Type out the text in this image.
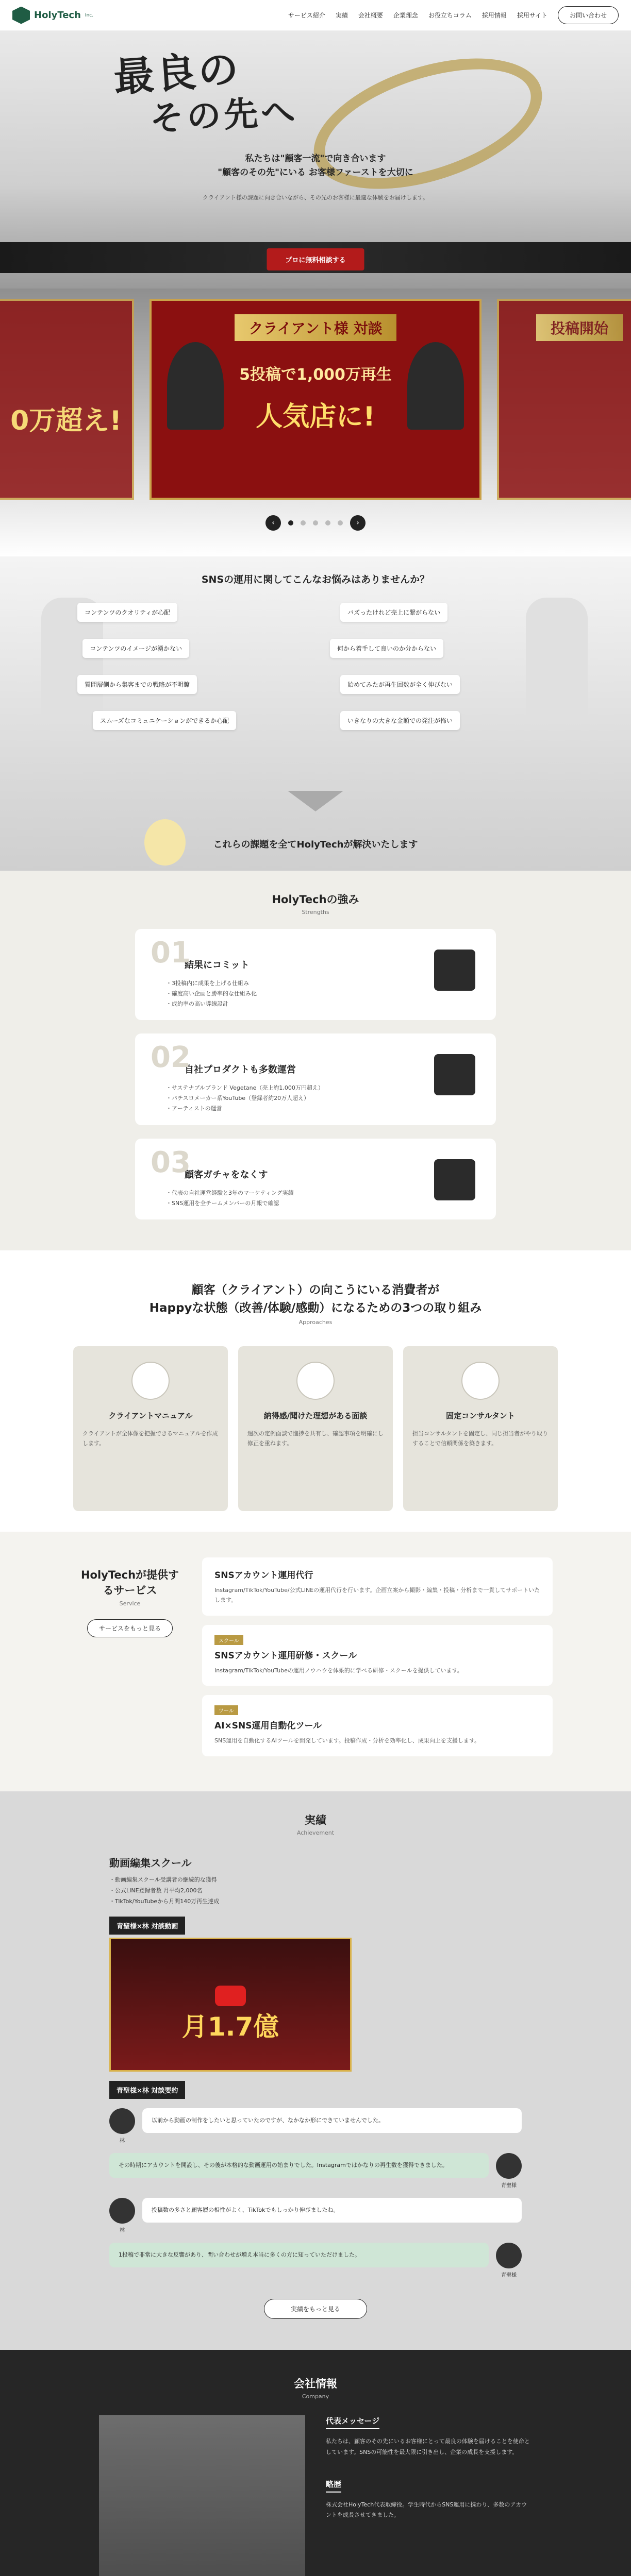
HolyTech Inc.	サービス紹介 実績 会社概要 企業理念 お役立ちコラム 採用情報 採用サイト	お問い合わせ
最良の
その先へ
私たちは"顧客一流"で向き合います
"顧客のその先"にいる お客様ファーストを大切に
クライアント様の課題に向き合いながら、その先のお客様に最適な体験をお届けします。
プロに無料相談する
0万超え!
クライアント様 対談
5投稿で1,000万再生
人気店に!
投稿開始
‹	›
SNSの運用に関してこんなお悩みはありませんか？
コンテンツのクオリティが心配
コンテンツのイメージが湧かない
質問層側から集客までの戦略が不明瞭
スムーズなコミュニケーションができるか心配
バズったけれど売上に繋がらない
何から着手して良いのか分からない
始めてみたが再生回数が全く伸びない
いきなりの大きな金額での発注が怖い
これらの課題を全てHolyTechが解決いたします
HolyTechの強み
Strengths
01
結果にコミット
・3投稿内に成果を上げる仕組み
・確度高い企画と勝率的な仕組み化
・成約率の高い導線設計
02
自社プロダクトも多数運営
・サステナブルブランド Vegetane（売上約1,000万円超え）
・パチスロメーカー系YouTube（登録者約20万人超え）
・アーティストの運営
03
顧客ガチャをなくす
・代表の自社運営経験と3年のマーケティング実績
・SNS運用を全チームメンバーの月報で確認
顧客（クライアント）の向こうにいる消費者が
Happyな状態（改善/体験/感動）になるための3つの取り組み
Approaches
クライアントマニュアル
クライアントが全体像を把握できるマニュアルを作成します。
納得感/聞けた理想がある面談
週次の定例面談で進捗を共有し、確認事項を明確にし修正を重ねます。
固定コンサルタント
担当コンサルタントを固定し、同じ担当者がやり取りすることで信頼関係を築きます。
HolyTechが提供するサービス
Service
サービスをもっと見る
SNSアカウント運用代行
Instagram/TikTok/YouTube/公式LINEの運用代行を行います。企画立案から撮影・編集・投稿・分析まで一貫してサポートいたします。
スクール
SNSアカウント運用研修・スクール
Instagram/TikTok/YouTubeの運用ノウハウを体系的に学べる研修・スクールを提供しています。
ツール
AI×SNS運用自動化ツール
SNS運用を自動化するAIツールを開発しています。投稿作成・分析を効率化し、成果向上を支援します。
実績
Achievement
動画編集スクール
・動画編集スクール受講者の継続的な獲得
・公式LINE登録者数 月平均2,000名
・TikTok/YouTubeから月間140万再生達成
青聖様×林 対談動画
月1.7億
青聖様×林 対談要約
林
以前から動画の制作をしたいと思っていたのですが、なかなか形にできていませんでした。
その時期にアカウントを開設し、その後が本格的な動画運用の始まりでした。Instagramではかなりの再生数を獲得できました。
青聖様
林
投稿数の多さと顧客層の相性がよく、TikTokでもしっかり伸びましたね。
1投稿で非常に大きな反響があり、問い合わせが増え本当に多くの方に知っていただけました。
青聖様
実績をもっと見る
会社情報
Company
代表メッセージ
私たちは、顧客のその先にいるお客様にとって最良の体験を届けることを使命としています。SNSの可能性を最大限に引き出し、企業の成長を支援します。
略歴
株式会社HolyTech代表取締役。学生時代からSNS運用に携わり、多数のアカウントを成長させてきました。
